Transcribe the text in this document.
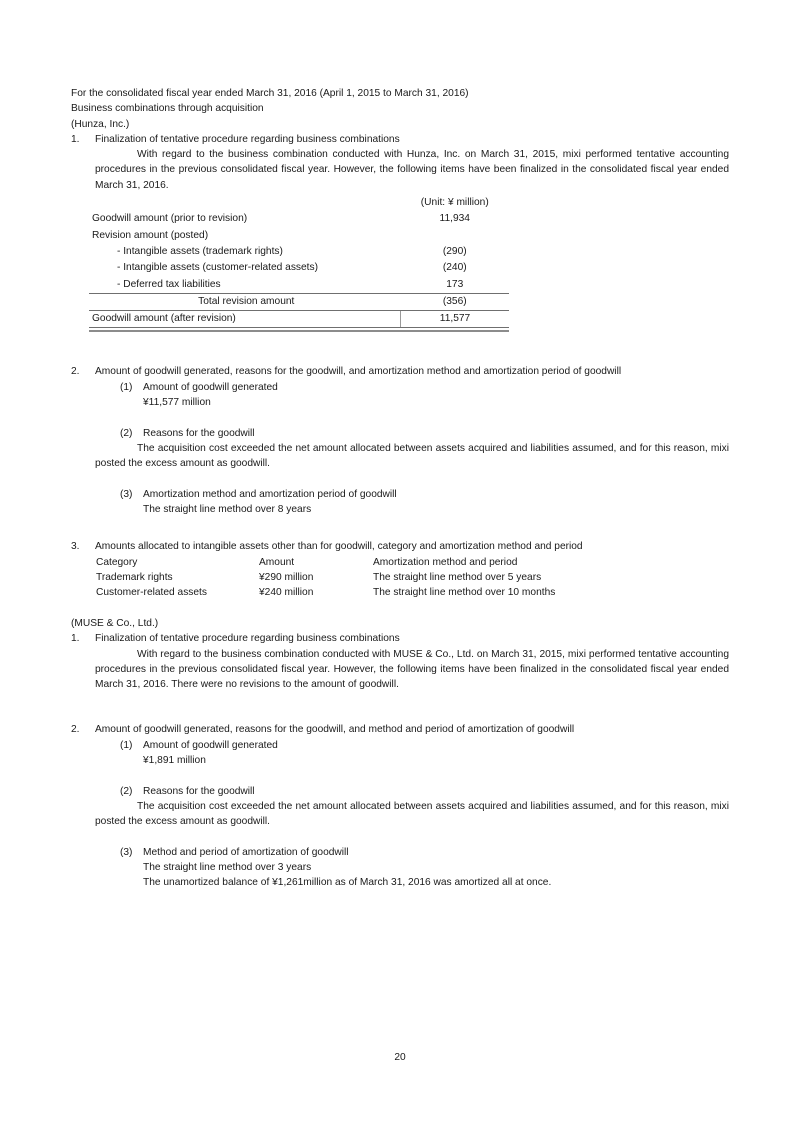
For the consolidated fiscal year ended March 31, 2016 (April 1, 2015 to March 31, 2016)
Business combinations through acquisition
(Hunza, Inc.)
1. Finalization of tentative procedure regarding business combinations

With regard to the business combination conducted with Hunza, Inc. on March 31, 2015, mixi performed tentative accounting procedures in the previous consolidated fiscal year. However, the following items have been finalized in the consolidated fiscal year ended March 31, 2016.

	(Unit: ¥ million)
Goodwill amount (prior to revision)	11,934
Revision amount (posted)	
- Intangible assets (trademark rights)	(290)
- Intangible assets (customer-related assets)	(240)
- Deferred tax liabilities	173
Total revision amount	(356)
Goodwill amount (after revision)	11,577
2. Amount of goodwill generated, reasons for the goodwill, and amortization method and amortization period of goodwill
(1) Amount of goodwill generated
¥11,577 million
(2) Reasons for the goodwill

The acquisition cost exceeded the net amount allocated between assets acquired and liabilities assumed, and for this reason, mixi posted the excess amount as goodwill.

(3) Amortization method and amortization period of goodwill
The straight line method over 8 years
3. Amounts allocated to intangible assets other than for goodwill, category and amortization method and period
Category	Amount	Amortization method and period
Trademark rights	¥290 million	The straight line method over 5 years
Customer-related assets	¥240 million	The straight line method over 10 months
(MUSE & Co., Ltd.)
1. Finalization of tentative procedure regarding business combinations

With regard to the business combination conducted with MUSE & Co., Ltd. on March 31, 2015, mixi performed tentative accounting procedures in the previous consolidated fiscal year. However, the following items have been finalized in the consolidated fiscal year ended March 31, 2016. There were no revisions to the amount of goodwill.

2. Amount of goodwill generated, reasons for the goodwill, and method and period of amortization of goodwill
(1) Amount of goodwill generated
¥1,891 million
(2) Reasons for the goodwill

The acquisition cost exceeded the net amount allocated between assets acquired and liabilities assumed, and for this reason, mixi posted the excess amount as goodwill.

(3) Method and period of amortization of goodwill
The straight line method over 3 years
The unamortized balance of ¥1,261million as of March 31, 2016 was amortized all at once.
20
